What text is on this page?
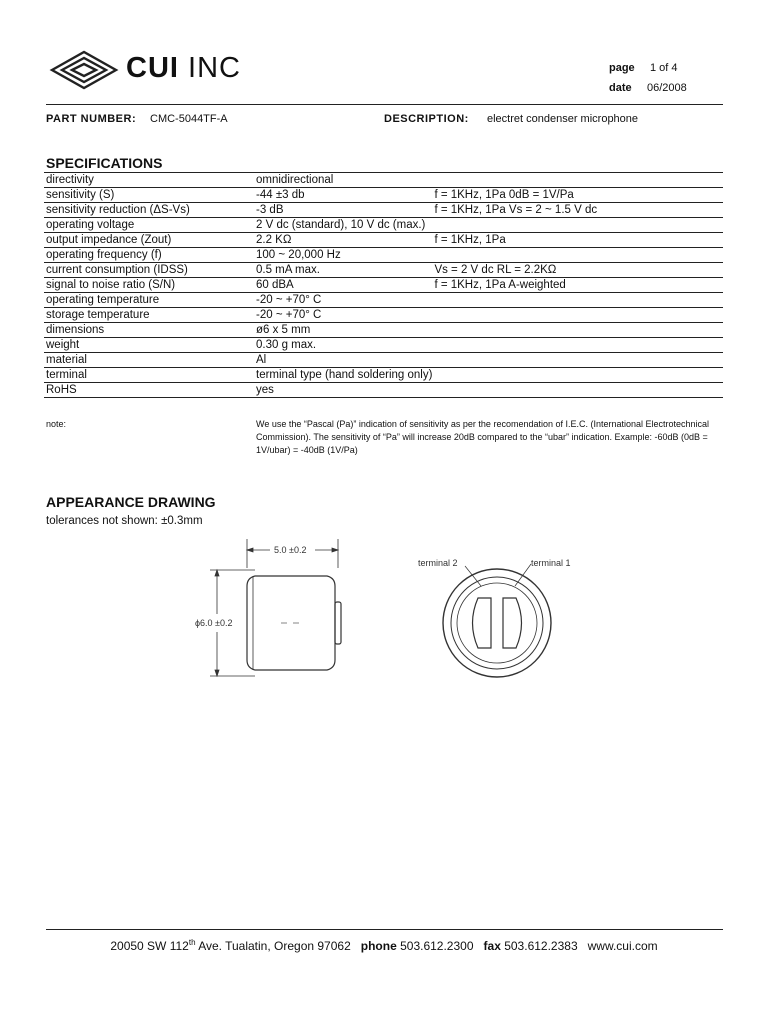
CUI INC	page 1 of 4
date 06/2008
PART NUMBER: CMC-5044TF-A	DESCRIPTION: electret condenser microphone
SPECIFICATIONS
directivity	omnidirectional	
sensitivity (S)	-44 ±3 db	f = 1KHz, 1Pa 0dB = 1V/Pa
sensitivity reduction (ΔS-Vs)	-3 dB	f = 1KHz, 1Pa Vs = 2 ~ 1.5 V dc
operating voltage	2 V dc (standard), 10 V dc (max.)	
output impedance (Zout)	2.2 KΩ	f = 1KHz, 1Pa
operating frequency (f)	100 ~ 20,000 Hz	
current consumption (IDSS)	0.5 mA max.	Vs = 2 V dc RL = 2.2KΩ
signal to noise ratio (S/N)	60 dBA	f = 1KHz, 1Pa A-weighted
operating temperature	-20 ~ +70° C	
storage temperature	-20 ~ +70° C	
dimensions	ø6 x 5 mm	
weight	0.30 g max.	
material	Al	
terminal	terminal type (hand soldering only)	
RoHS	yes	
note:	We use the “Pascal (Pa)” indication of sensitivity as per the recomendation of I.E.C. (International Electrotechnical Commission). The sensitivity of “Pa” will increase 20dB compared to the “ubar” indication. Example: -60dB (0dB = 1V/ubar) = -40dB (1V/Pa)
APPEARANCE DRAWING
tolerances not shown: ±0.3mm
5.0 ±0.2
ϕ6.0 ±0.2
terminal 2	terminal 1
20050 SW 112th Ave. Tualatin, Oregon 97062 phone 503.612.2300 fax 503.612.2383 www.cui.com
